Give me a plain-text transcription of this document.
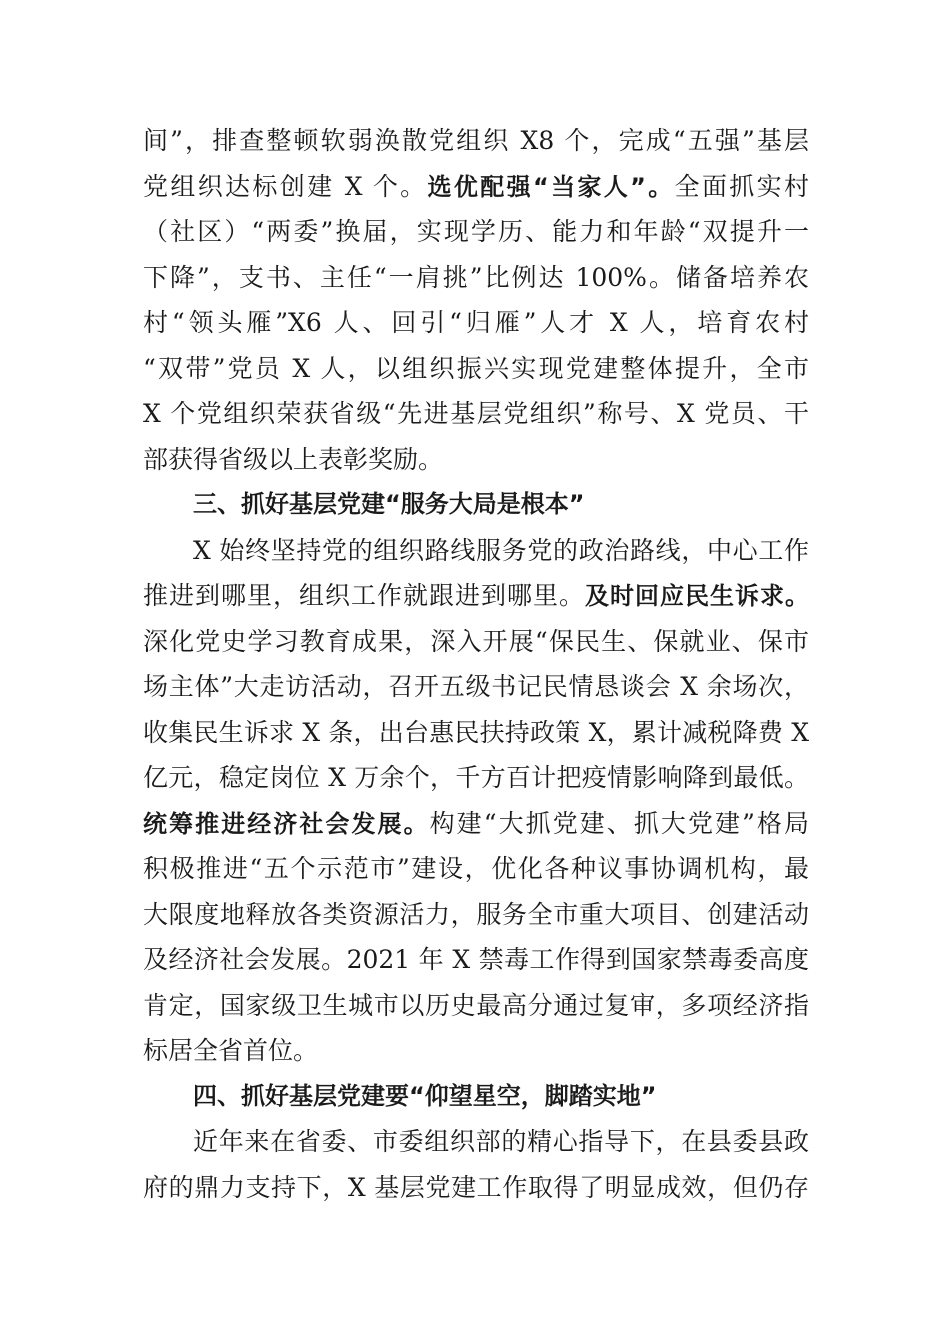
间”，排查整顿软弱涣散党组织 X8 个，完成“五强”基层
党组织达标创建 X 个。选优配强“当家人”。全面抓实村
（社区）“两委”换届，实现学历、能力和年龄“双提升一
下降”，支书、主任“一肩挑”比例达 100%。储备培养农
村“领头雁”X6 人、回引“归雁”人才 X 人，培育农村
“双带”党员 X 人，以组织振兴实现党建整体提升，全市
X 个党组织荣获省级“先进基层党组织”称号、X 党员、干
部获得省级以上表彰奖励。
三、抓好基层党建“服务大局是根本”
X 始终坚持党的组织路线服务党的政治路线，中心工作
推进到哪里，组织工作就跟进到哪里。及时回应民生诉求。
深化党史学习教育成果，深入开展“保民生、保就业、保市
场主体”大走访活动，召开五级书记民情恳谈会 X 余场次，
收集民生诉求 X 条，出台惠民扶持政策 X，累计减税降费 X
亿元，稳定岗位 X 万余个，千方百计把疫情影响降到最低。
统筹推进经济社会发展。构建“大抓党建、抓大党建”格局
积极推进“五个示范市”建设，优化各种议事协调机构，最
大限度地释放各类资源活力，服务全市重大项目、创建活动
及经济社会发展。2021 年 X 禁毒工作得到国家禁毒委高度
肯定，国家级卫生城市以历史最高分通过复审，多项经济指
标居全省首位。
四、抓好基层党建要“仰望星空，脚踏实地”
近年来在省委、市委组织部的精心指导下，在县委县政
府的鼎力支持下，X 基层党建工作取得了明显成效，但仍存
